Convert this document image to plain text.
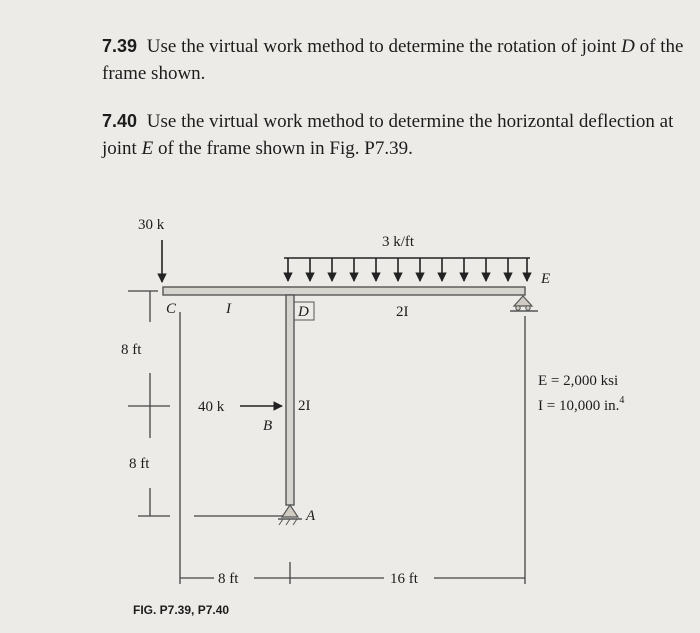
7.39 Use the virtual work method to determine the rotation of joint D of the frame shown.
7.40 Use the virtual work method to determine the horizontal deflection at joint E of the frame shown in Fig. P7.39.
30 k
3 k/ft
E
A
40 k
B
C	I	D	2I
2I
8 ft
8 ft
8 ft	16 ft
E = 2,000 ksi
I = 10,000 in.$^4$
FIG. P7.39, P7.40
